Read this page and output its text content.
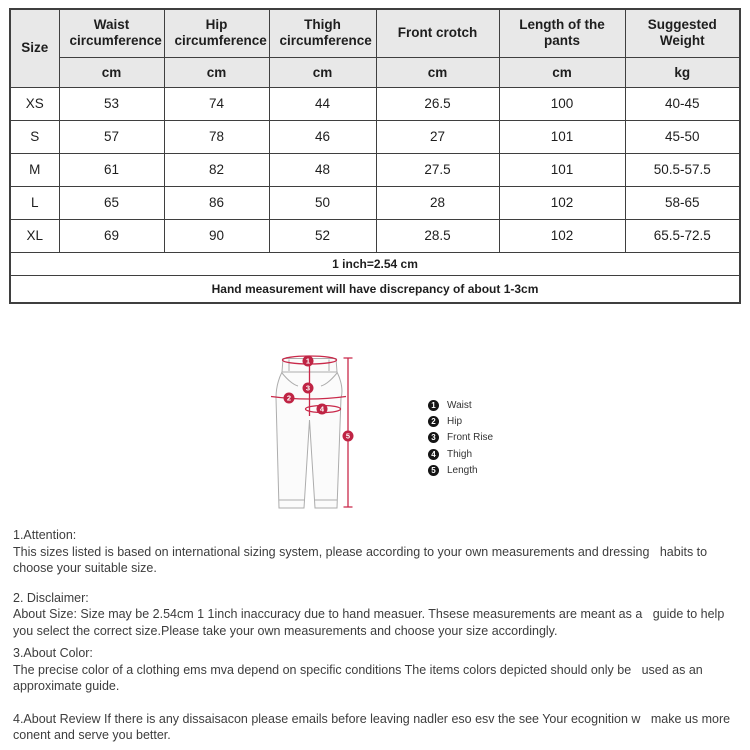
Size	Waist circumference	Hip circumference	Thigh circumference	Front crotch	Length of the pants	Suggested Weight
	cm	cm	cm	cm	cm	kg
XS	53	74	44	26.5	100	40-45
S	57	78	46	27	101	45-50
M	61	82	48	27.5	101	50.5-57.5
L	65	86	50	28	102	58-65
XL	69	90	52	28.5	102	65.5-72.5
1 inch=2.54 cm						
Hand measurement will have discrepancy of about 1-3cm						
1
3
2
4
5
1	Waist
2	Hip
3	Front Rise
4	Thigh
5	Length
1.Attention:
This sizes listed is based on international sizing system, please according to your own measurements and dressing   habits to choose your suitable size.
2. Disclaimer:
About Size: Size may be 2.54cm 1 1inch inaccuracy due to hand measuer. Thsese measurements are meant as a   guide to help you select the correct size.Please take your own measurements and choose your size accordingly.
3.About Color:
The precise color of a clothing ems mva depend on specific conditions The items colors depicted should only be   used as an approximate guide.
4.About Review If there is any dissaisacon please emails before leaving nadler eso esv the see Your ecognition w   make us more conent and serve you better.
